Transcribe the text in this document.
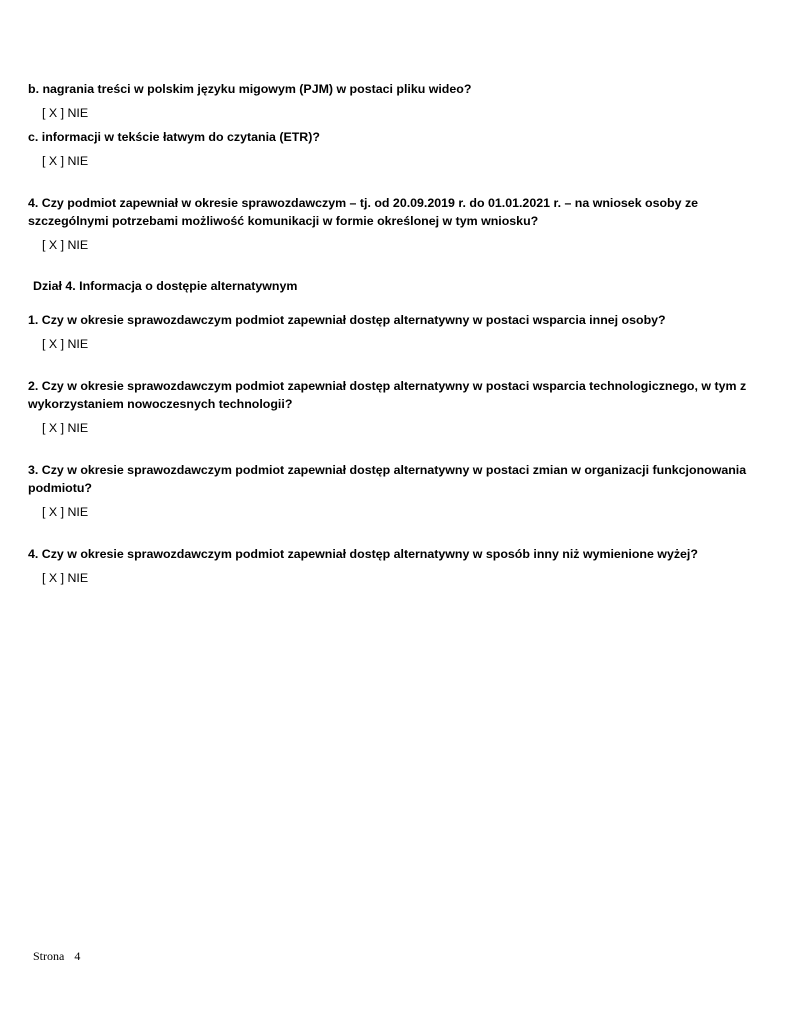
b. nagrania treści w polskim języku migowym (PJM) w postaci pliku wideo?
[ X ] NIE
c. informacji w tekście łatwym do czytania (ETR)?
[ X ] NIE
4. Czy podmiot zapewniał w okresie sprawozdawczym – tj. od 20.09.2019 r. do 01.01.2021 r. – na wniosek osoby ze szczególnymi potrzebami możliwość komunikacji w formie określonej w tym wniosku?
[ X ] NIE
Dział 4. Informacja o dostępie alternatywnym
1. Czy w okresie sprawozdawczym podmiot zapewniał dostęp alternatywny w postaci wsparcia innej osoby?
[ X ] NIE
2. Czy w okresie sprawozdawczym podmiot zapewniał dostęp alternatywny w postaci wsparcia technologicznego, w tym z wykorzystaniem nowoczesnych technologii?
[ X ] NIE
3. Czy w okresie sprawozdawczym podmiot zapewniał dostęp alternatywny w postaci zmian w organizacji funkcjonowania podmiotu?
[ X ] NIE
4. Czy w okresie sprawozdawczym podmiot zapewniał dostęp alternatywny w sposób inny niż wymienione wyżej?
[ X ] NIE
Strona 4
